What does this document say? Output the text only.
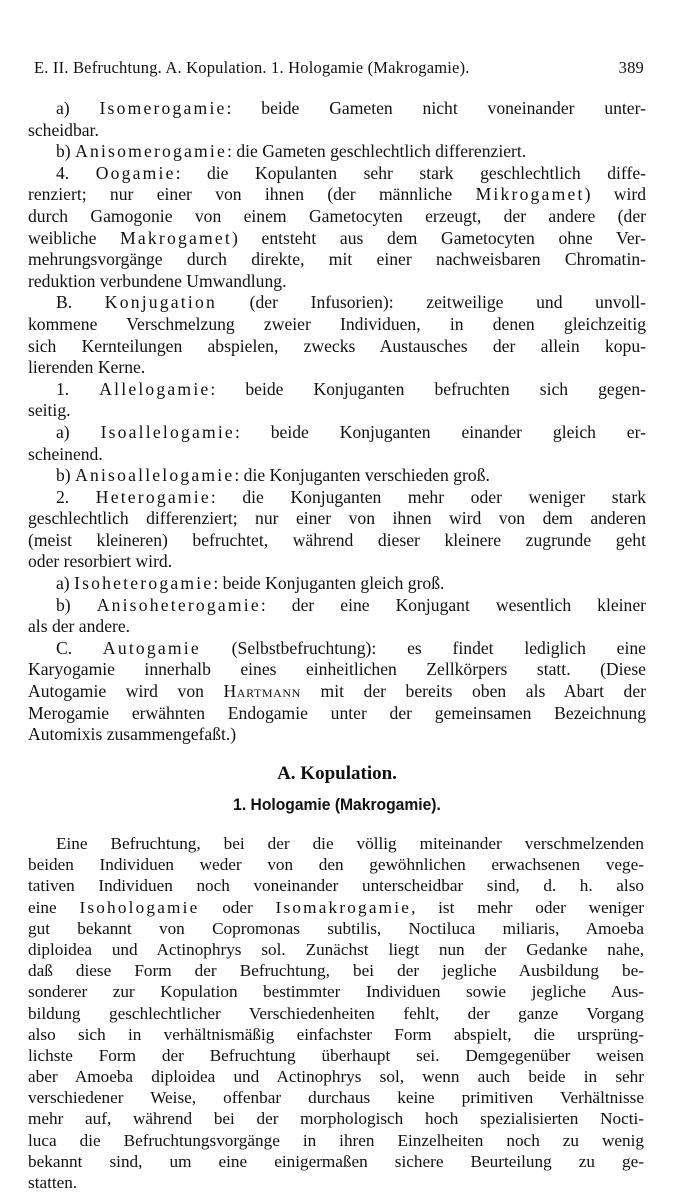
E. II. Befruchtung. A. Kopulation. 1. Hologamie (Makrogamie).	389
a) Isomerogamie: beide Gameten nicht voneinander unter-
scheidbar.
b) Anisomerogamie: die Gameten geschlechtlich differenziert.
4. Oogamie: die Kopulanten sehr stark geschlechtlich diffe-
renziert; nur einer von ihnen (der männliche Mikrogamet) wird
durch Gamogonie von einem Gametocyten erzeugt, der andere (der
weibliche Makrogamet) entsteht aus dem Gametocyten ohne Ver-
mehrungsvorgänge durch direkte, mit einer nachweisbaren Chromatin-
reduktion verbundene Umwandlung.
B. Konjugation (der Infusorien): zeitweilige und unvoll-
kommene Verschmelzung zweier Individuen, in denen gleichzeitig
sich Kernteilungen abspielen, zwecks Austausches der allein kopu-
lierenden Kerne.
1. Allelogamie: beide Konjuganten befruchten sich gegen-
seitig.
a) Isoallelogamie: beide Konjuganten einander gleich er-
scheinend.
b) Anisoallelogamie: die Konjuganten verschieden groß.
2. Heterogamie: die Konjuganten mehr oder weniger stark
geschlechtlich differenziert; nur einer von ihnen wird von dem anderen
(meist kleineren) befruchtet, während dieser kleinere zugrunde geht
oder resorbiert wird.
a) Isoheterogamie: beide Konjuganten gleich groß.
b) Anisoheterogamie: der eine Konjugant wesentlich kleiner
als der andere.
C. Autogamie (Selbstbefruchtung): es findet lediglich eine
Karyogamie innerhalb eines einheitlichen Zellkörpers statt. (Diese
Autogamie wird von Hartmann mit der bereits oben als Abart der
Merogamie erwähnten Endogamie unter der gemeinsamen Bezeichnung
Automixis zusammengefaßt.)
A. Kopulation.
1. Hologamie (Makrogamie).
Eine Befruchtung, bei der die völlig miteinander verschmelzenden
beiden Individuen weder von den gewöhnlichen erwachsenen vege-
tativen Individuen noch voneinander unterscheidbar sind, d. h. also
eine Isohologamie oder Isomakrogamie, ist mehr oder weniger
gut bekannt von Copromonas subtilis, Noctiluca miliaris, Amoeba
diploidea und Actinophrys sol. Zunächst liegt nun der Gedanke nahe,
daß diese Form der Befruchtung, bei der jegliche Ausbildung be-
sonderer zur Kopulation bestimmter Individuen sowie jegliche Aus-
bildung geschlechtlicher Verschiedenheiten fehlt, der ganze Vorgang
also sich in verhältnismäßig einfachster Form abspielt, die ursprüng-
lichste Form der Befruchtung überhaupt sei. Demgegenüber weisen
aber Amoeba diploidea und Actinophrys sol, wenn auch beide in sehr
verschiedener Weise, offenbar durchaus keine primitiven Verhältnisse
mehr auf, während bei der morphologisch hoch spezialisierten Nocti-
luca die Befruchtungsvorgänge in ihren Einzelheiten noch zu wenig
bekannt sind, um eine einigermaßen sichere Beurteilung zu ge-
statten.
